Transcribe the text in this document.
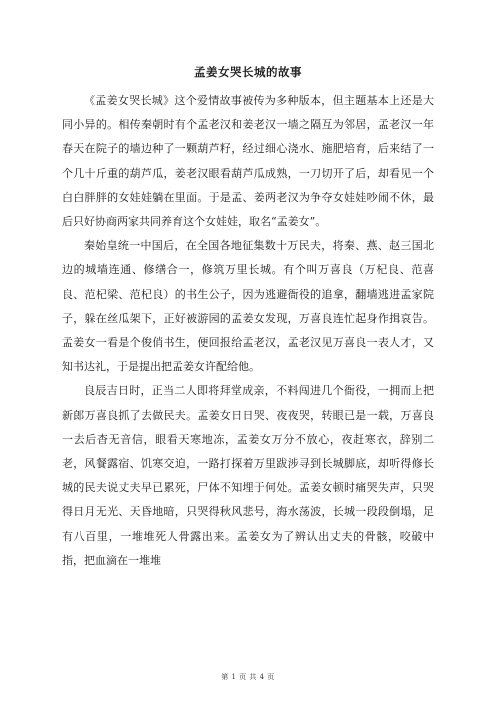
孟姜女哭长城的故事

《孟姜女哭长城》这个爱情故事被传为多种版本，但主题基本上还是大同小异的。相传秦朝时有个孟老汉和姜老汉一墙之隔互为邻居，孟老汉一年春天在院子的墙边种了一颗葫芦籽，经过细心浇水、施肥培育，后来结了一个几十斤重的葫芦瓜，姜老汉眼看葫芦瓜成熟，一刀切开了后，却看见一个白白胖胖的女娃娃躺在里面。于是孟、姜两老汉为争夺女娃娃吵闹不休，最后只好协商两家共同养育这个女娃娃，取名“孟姜女”。

秦始皇统一中国后，在全国各地征集数十万民夫，将秦、燕、赵三国北边的城墙连通、修缮合一，修筑万里长城。有个叫万喜良（万杞良、范喜良、范杞梁、范杞良）的书生公子，因为逃避衙役的追拿，翻墙逃进孟家院子，躲在丝瓜架下，正好被游园的孟姜女发现，万喜良连忙起身作揖哀告。孟姜女一看是个俊俏书生，便回报给孟老汉，孟老汉见万喜良一表人才，又知书达礼，于是提出把孟姜女许配给他。

良辰吉日时，正当二人即将拜堂成亲，不料闯进几个衙役，一拥而上把新郎万喜良抓了去做民夫。孟姜女日日哭、夜夜哭，转眼已是一载，万喜良一去后杳无音信，眼看天寒地冻，孟姜女万分不放心，夜赶寒衣，辞别二老，风餐露宿、饥寒交迫，一路打探着万里跋涉寻到长城脚底，却听得修长城的民夫说丈夫早已累死，尸体不知埋于何处。孟姜女顿时痛哭失声，只哭得日月无光、天昏地暗，只哭得秋风悲号，海水荡波，长城一段段倒塌，足有八百里，一堆堆死人骨露出来。孟姜女为了辨认出丈夫的骨骸，咬破中指，把血滴在一堆堆

第 1 页 共 4 页
